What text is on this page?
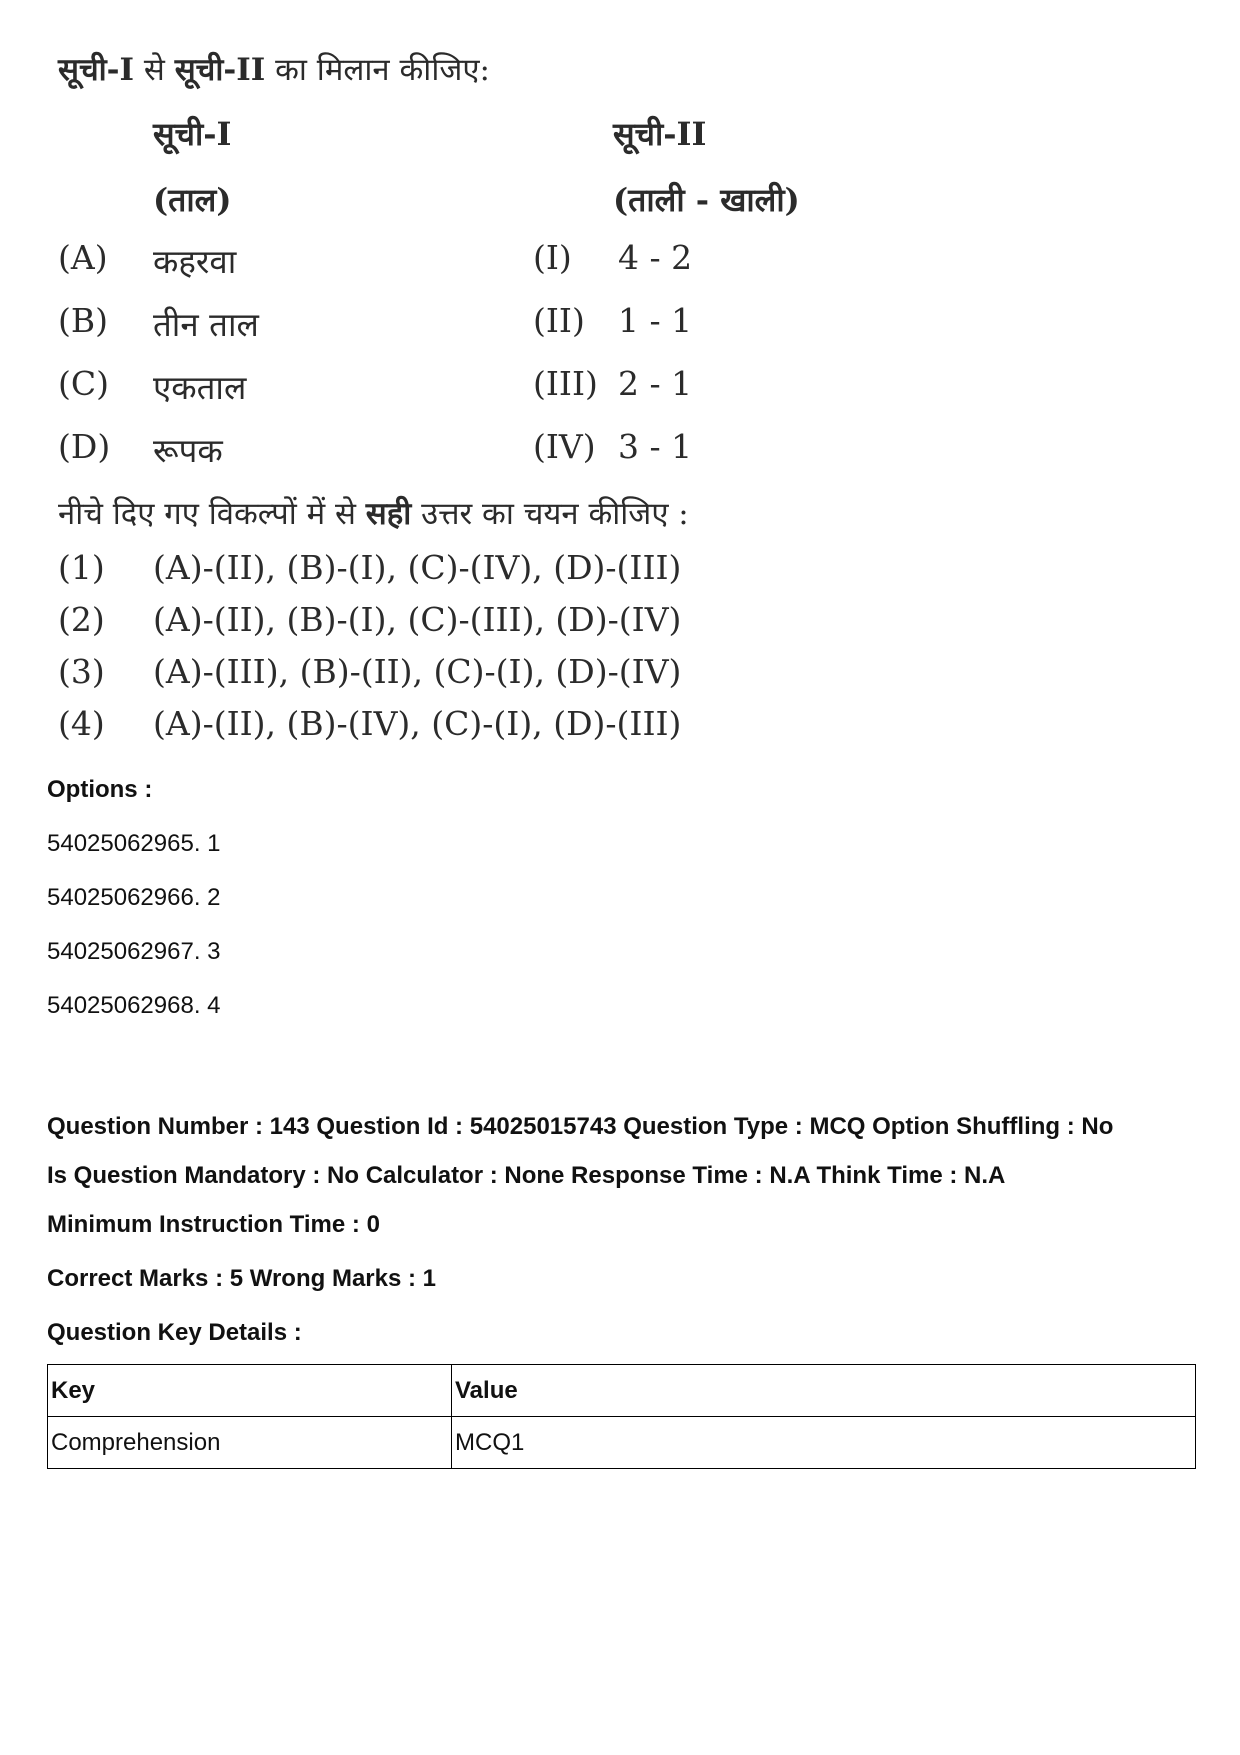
सूची-I से सूची-II का मिलान कीजिए:
सूची-I
(ताल)
सूची-II
(ताली - खाली)
(A) कहरवा	(I) 4 - 2
(B) तीन ताल	(II) 1 - 1
(C) एकताल	(III) 2 - 1
(D) रूपक	(IV) 3 - 1
नीचे दिए गए विकल्पों में से सही उत्तर का चयन कीजिए :
(1) (A)-(II), (B)-(I), (C)-(IV), (D)-(III)
(2) (A)-(II), (B)-(I), (C)-(III), (D)-(IV)
(3) (A)-(III), (B)-(II), (C)-(I), (D)-(IV)
(4) (A)-(II), (B)-(IV), (C)-(I), (D)-(III)
Options :
54025062965. 1
54025062966. 2
54025062967. 3
54025062968. 4
Question Number : 143 Question Id : 54025015743 Question Type : MCQ Option Shuffling : No
Is Question Mandatory : No Calculator : None Response Time : N.A Think Time : N.A
Minimum Instruction Time : 0
Correct Marks : 5 Wrong Marks : 1
Question Key Details :
Key	Value
Comprehension	MCQ1
